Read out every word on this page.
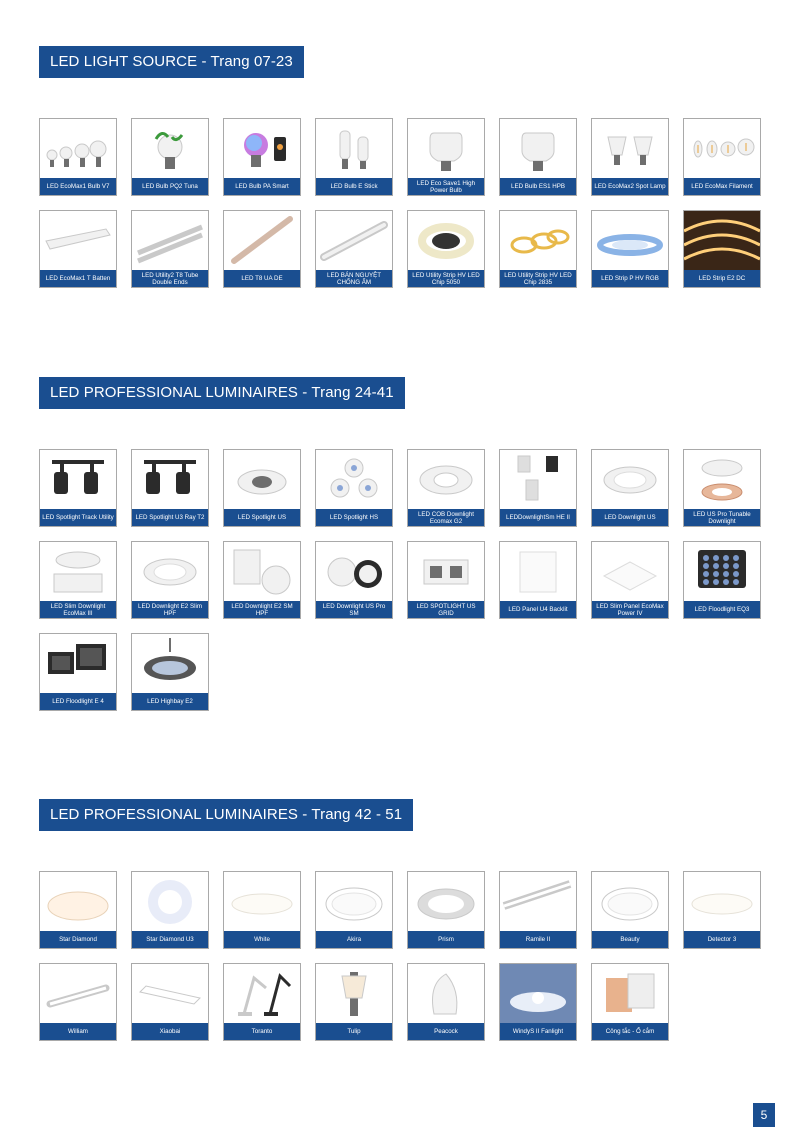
LED LIGHT SOURCE - Trang 07-23
LED PROFESSIONAL LUMINAIRES - Trang 24-41
LED PROFESSIONAL LUMINAIRES - Trang 42 - 51
5
LED EcoMax1 Bulb V7	LED Bulb PQ2 Tuna	LED Bulb PA Smart	LED Bulb E Stick	LED Eco Save1 High Power Bulb	LED Bulb ES1 HPB	LED EcoMax2 Spot Lamp	LED EcoMax Filament
LED EcoMax1 T Batten	LED Utility2 T8 Tube Double Ends	LED T8 UA DE	LED BÁN NGUYỆT CHỐNG ẨM
LED Utility Strip HV LED Chip 5050
LED Utility Strip HV LED Chip 2835	LED Strip P HV RGB	LED Strip E2 DC
LED Spotlight Track Utility	LED Spotlight U3 Ray T2	LED Spotlight US	LED Spotlight HS	LED COB Downlight Ecomax G2	LEDDownlightSm HE II	LED Downlight US	LED US Pro Tunable Downlight
LED Slim Downlight EcoMax III
LED Downlight E2 Slim HPF
LED Downlight E2 SM HPF
LED Downlight US Pro SM
LED SPOTLIGHT US GRID	LED Panel U4 Backlit	LED Slim Panel EcoMax Power IV	LED Floodlight EQ3
LED Floodlight E 4	LED Highbay E2
Star Diamond	Star Diamond U3	White	Akira	Prism	Ramile II	Beauty	Detector 3
William	Xiaobai	Toranto	Tulip	Peacock	WindyS II Fanlight	Công tắc - Ổ cắm
